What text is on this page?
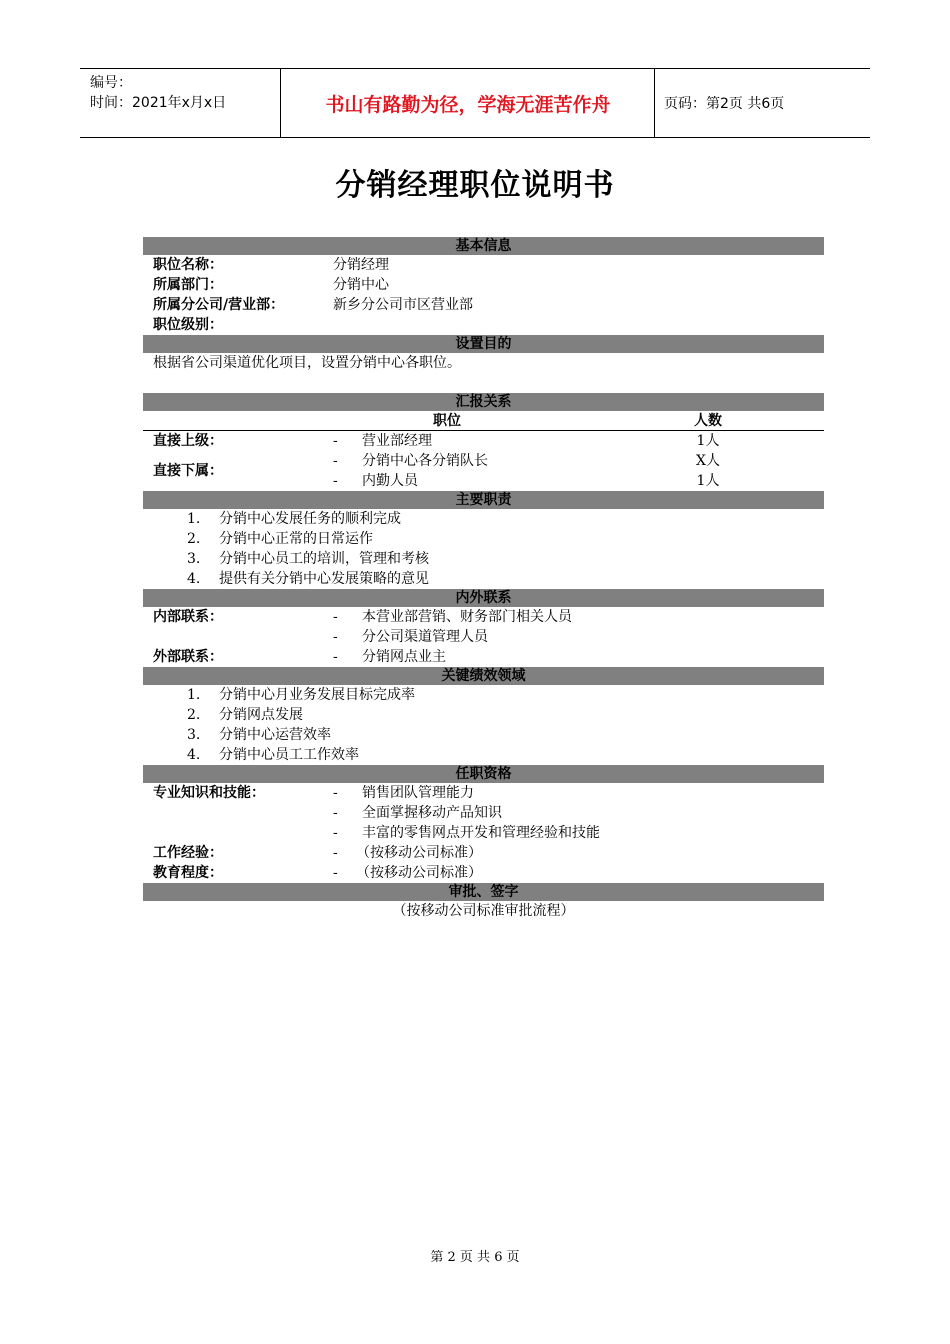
编号：
时间：2021年x月x日	书山有路勤为径，学海无涯苦作舟	页码：第2页 共6页
分销经理职位说明书
基本信息
职位名称：	分销经理
所属部门：	分销中心
所属分公司/营业部：	新乡分公司市区营业部
职位级别：
设置目的
根据省公司渠道优化项目，设置分销中心各职位。
汇报关系
职位	人数
直接上级：	- 营业部经理	1人
直接下属：
- 分销中心各分销队长	X人
- 内勤人员	1人
主要职责
1. 分销中心发展任务的顺利完成
2. 分销中心正常的日常运作
3. 分销中心员工的培训，管理和考核
4. 提供有关分销中心发展策略的意见
内外联系
内部联系：	- 本营业部营销、财务部门相关人员
- 分公司渠道管理人员
外部联系：	- 分销网点业主
关键绩效领域
1. 分销中心月业务发展目标完成率
2. 分销网点发展
3. 分销中心运营效率
4. 分销中心员工工作效率
任职资格
专业知识和技能：	- 销售团队管理能力
- 全面掌握移动产品知识
- 丰富的零售网点开发和管理经验和技能
工作经验：	- （按移动公司标准）
教育程度：	- （按移动公司标准）
审批、签字
（按移动公司标准审批流程）
第 2 页 共 6 页
